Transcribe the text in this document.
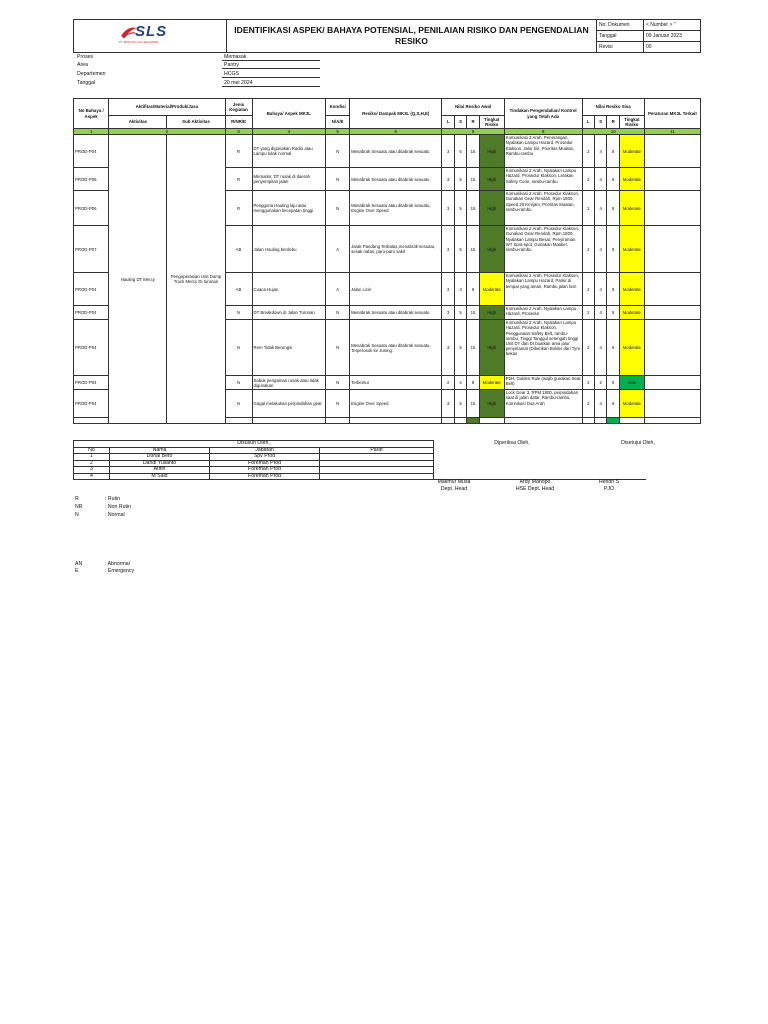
SLS
PT. SENTOSA LAJU SEJAHTERA	IDENTIFIKASI ASPEK/ BAHAYA POTENSIAL, PENILAIAN RISIKO DAN PENGENDALIAN RESIKO	No. Dokumen	< Number > "
		Tanggal	09 Januari 2023
		Revisi	00
Proses	Memasak
Area	Pantry
Departemen	HCGS
Tanggal	20 mei 2024
No Bahaya / Aspek	Aktifitas/Material/Produk/Jasa		Jenis Kegiatan	Bahaya/ Aspek MK3L	Kondisi	Resiko/ Dampak MK3L (Q,S,H,E)	Nilai Resiko Awal				Tindakan Pengendalian/ Kontrol yang Telah Ada	Nilai Resiko Sisa				Peraturan MK3L Terkait
	Aktivitas	Sub Aktivitas	R/NR/E		N/A/E		L	S	R	Tingkat Risiko		L	S	R	Tingkat Risiko	
1	2		3	4	5	6	8				9	10				11
PROD-P04	Hauling DT Mercy	Pengoperasian Unit Dump Truck Mercy Di turunan	R	DT yang digunakan Radio atau Lampu tidak normal	N	Menabrak Sesuatu atau ditabrak sesuatu	3	5	15	High	Komunikasi 2 Arah, Penerangan, Nyalakan Lampu Hazard, Prosedur Klakson, Jalur kiri, Prioritas Muatan, Rambu-rambu	2	4	8	Moderate	
PROD-P05			R	Memarkir, DT rusak di daerah penyempitan jalan	N	Menabrak Sesuatu atau ditabrak sesuatu	3	5	15	High	Komunikasi 2 Arah, Nyalakan Lampu Hazard, Prosedur Klakson, Letakan Safety Cone, rambu-rambu	2	4	8	Moderate	
PROD-P06			R	Pengguna Hauling laju atau menggunakan kecepatan tinggi	N	Menabrak Sesuatu atau ditabrak sesuatu, Engine Over Speed	3	5	15	High	Komunikasi 2 Arah, Prosedur Klakson, Gunakan Gear Rendah, Rpm 1800, Speed 20 Km/jam, Prioritas Muatan, rambu-rambu	2	4	8	Moderate	
PROD-P07			AB	Jalan Hauling berdebu	A	Jarak Pandang Terbatas,menabrak sesuatu, sesak nafas, paru-paru sakit	3	5	15	High	Komunikasi 2 Arah, Prosedur Klakson, Gunakan Gear Rendah, Rpm 1800, Nyalakan Lampu Besar, Penyiraman WT Spot-spot, Gunakan Masker, rambu-rambu	2	4	8	Moderate	
PROD-P04			AB	Cuaca Hujan	A	Jalan Licin	3	3	9	Moderate	Komunikasi 2 Arah, Prosedur Klakson, Nyalakan Lampu Hazard, Parkir di tempat yang aman, Rambu jalan licin	2	4	8	Moderate	
PROD-P04			N	DT Breakdown di Jalan Turunan	N	Menabrak Sesuatu atau ditabrak sesuatu	3	5	15	High	Komunikasi 2 Arah, Nyalakan Lampu Hazard, Prosedur	2	4	8	Moderate	
PROD-P04			N	Rem Tidak Berungsi	N	Menabrak Sesuatu atau ditabrak sesuatu, Terperosok ke Juning.	3	5	15	High	Komunikasi 2 Arah, Nyalakan Lampu Hazard, Prosedur Klakson, Penggunaan Safety Belt, rambu-rambu, Tinggi Tanggul setengah tinggi Unit DT dan DI buatkan area jalur penyelamat (Diberikan Bolder dari Tyre bekas	2	4	8	Moderate	
PROD-P04			N	Sabuk pengaman rusak atau tidak digunakan	N	Terbentur	2	4	8	Moderate	P2H, Golden Rule (wajib gunakan Seat Belt)	2	2	8	Low	
PROD-P04			N	Gagal melakukan perpindahan gear	N	Engine Over Speed	3	5	15	High	Lock Gear 3, RPM 1800, perpindahan saat di jalan datar, Rambu-rambu, Komnikasi Dua Arah	2	4	8	Moderate	

Disusun Oleh,			
No	Nama	Jabatan	Paraf
1	Donal Beto	Spv Prod	
2	Dandi Yulianto	Foreman Prod	
3	Arifin	Foreman Prod	
4	M Said	Foreman Prod	
Diperiksa Oleh,	Disetujui Oleh,
Makmur Musa
Dept. Head
Ardy Manopo
HSE Dept. Head
Hendri S
PJO
R	: Rutin
NR	: Non Rutin
N	: Normal
AN	: Abnormal
E	: Emergency
